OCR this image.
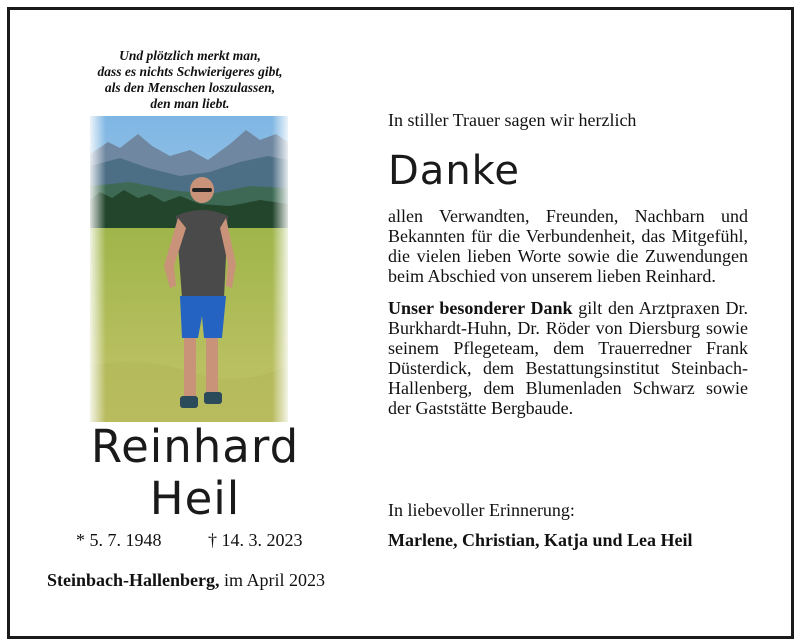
Und plötzlich merkt man,
dass es nichts Schwierigeres gibt,
als den Menschen loszulassen,
den man liebt.
Reinhard
Heil
* 5. 7. 1948	† 14. 3. 2023
Steinbach-Hallenberg, im April 2023
In stiller Trauer sagen wir herzlich
Danke
allen Verwandten, Freunden, Nachbarn und Bekannten für die Verbundenheit, das Mitgefühl, die vielen lieben Worte sowie die Zuwendungen beim Abschied von unserem lieben Reinhard.
Unser besonderer Dank gilt den Arztpraxen Dr. Burkhardt-Huhn, Dr. Röder von Diersburg sowie seinem Pflegeteam, dem Trauerredner Frank Düsterdick, dem Bestattungsinstitut Steinbach-Hallenberg, dem Blumenladen Schwarz sowie der Gaststätte Bergbaude.
In liebevoller Erinnerung:
Marlene, Christian, Katja und Lea Heil
